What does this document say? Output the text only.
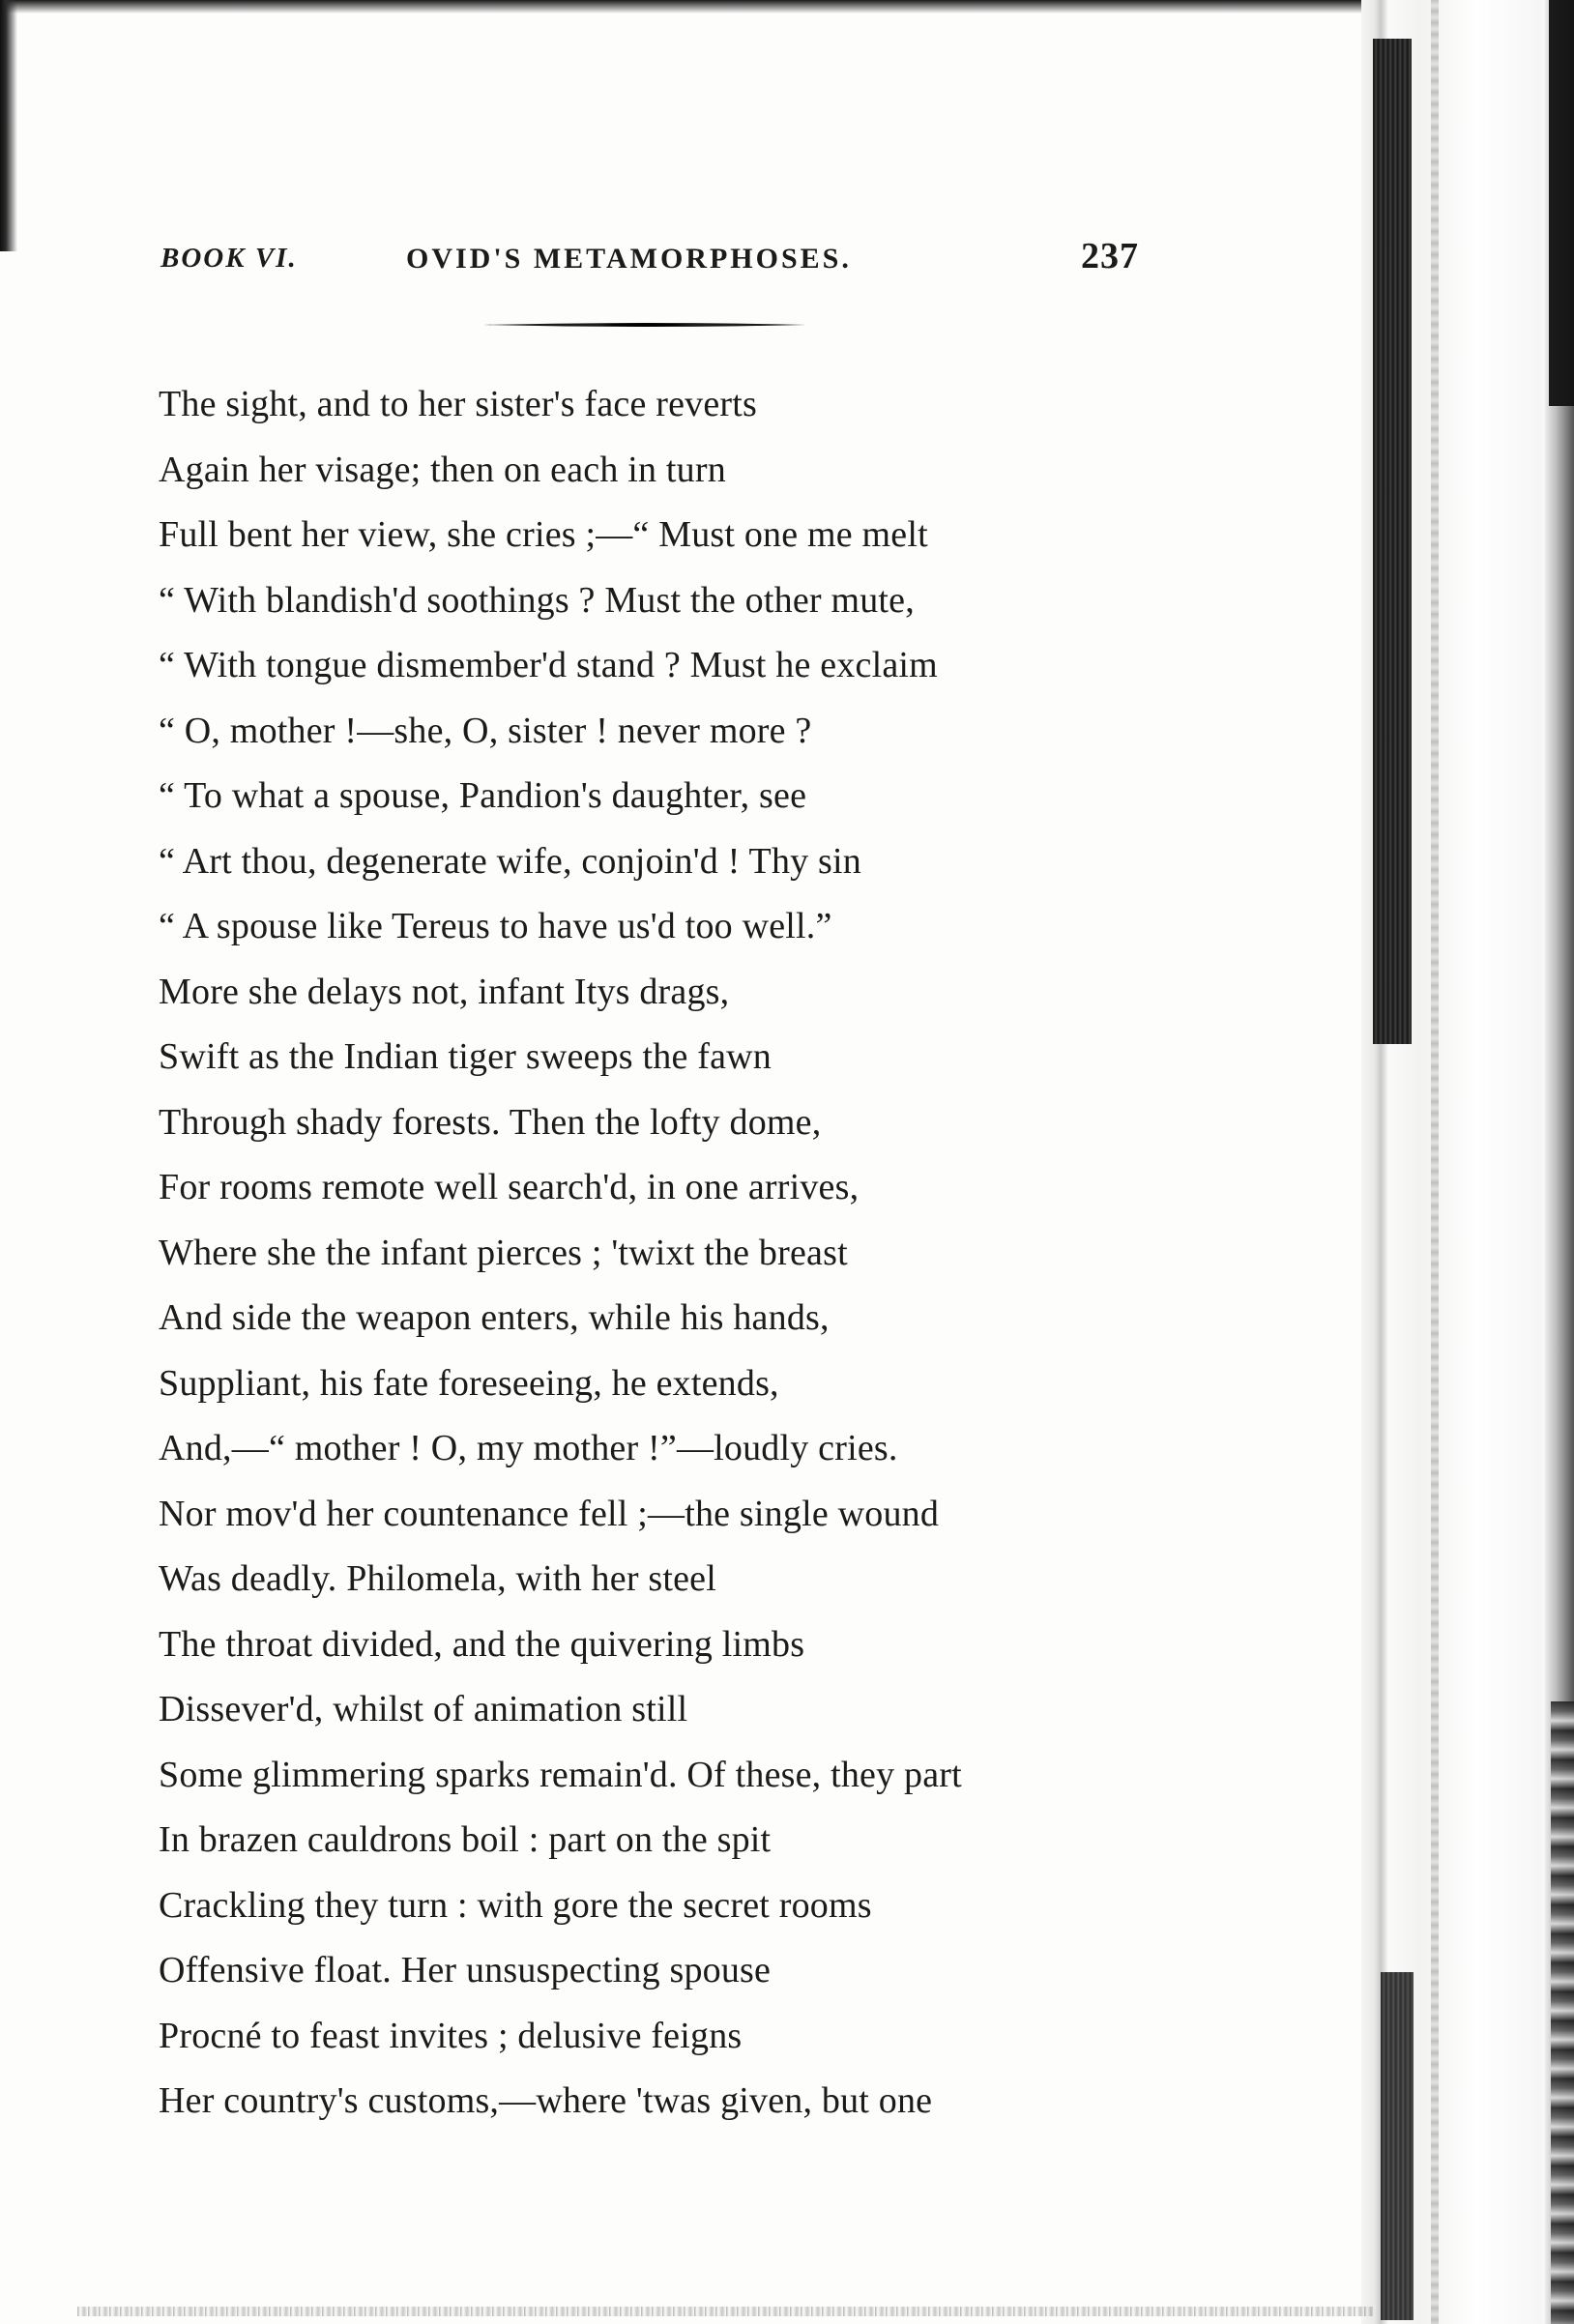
BOOK VI.	OVID'S METAMORPHOSES.	237
The sight, and to her sister's face reverts
Again her visage; then on each in turn
Full bent her view, she cries ;—“ Must one me melt
“ With blandish'd soothings ? Must the other mute,
“ With tongue dismember'd stand ? Must he exclaim
“ O, mother !—she, O, sister ! never more ?
“ To what a spouse, Pandion's daughter, see
“ Art thou, degenerate wife, conjoin'd ! Thy sin
“ A spouse like Tereus to have us'd too well.”
More she delays not, infant Itys drags,
Swift as the Indian tiger sweeps the fawn
Through shady forests. Then the lofty dome,
For rooms remote well search'd, in one arrives,
Where she the infant pierces ; 'twixt the breast
And side the weapon enters, while his hands,
Suppliant, his fate foreseeing, he extends,
And,—“ mother ! O, my mother !”—loudly cries.
Nor mov'd her countenance fell ;—the single wound
Was deadly. Philomela, with her steel
The throat divided, and the quivering limbs
Dissever'd, whilst of animation still
Some glimmering sparks remain'd. Of these, they part
In brazen cauldrons boil : part on the spit
Crackling they turn : with gore the secret rooms
Offensive float. Her unsuspecting spouse
Procné to feast invites ; delusive feigns
Her country's customs,—where 'twas given, but one
